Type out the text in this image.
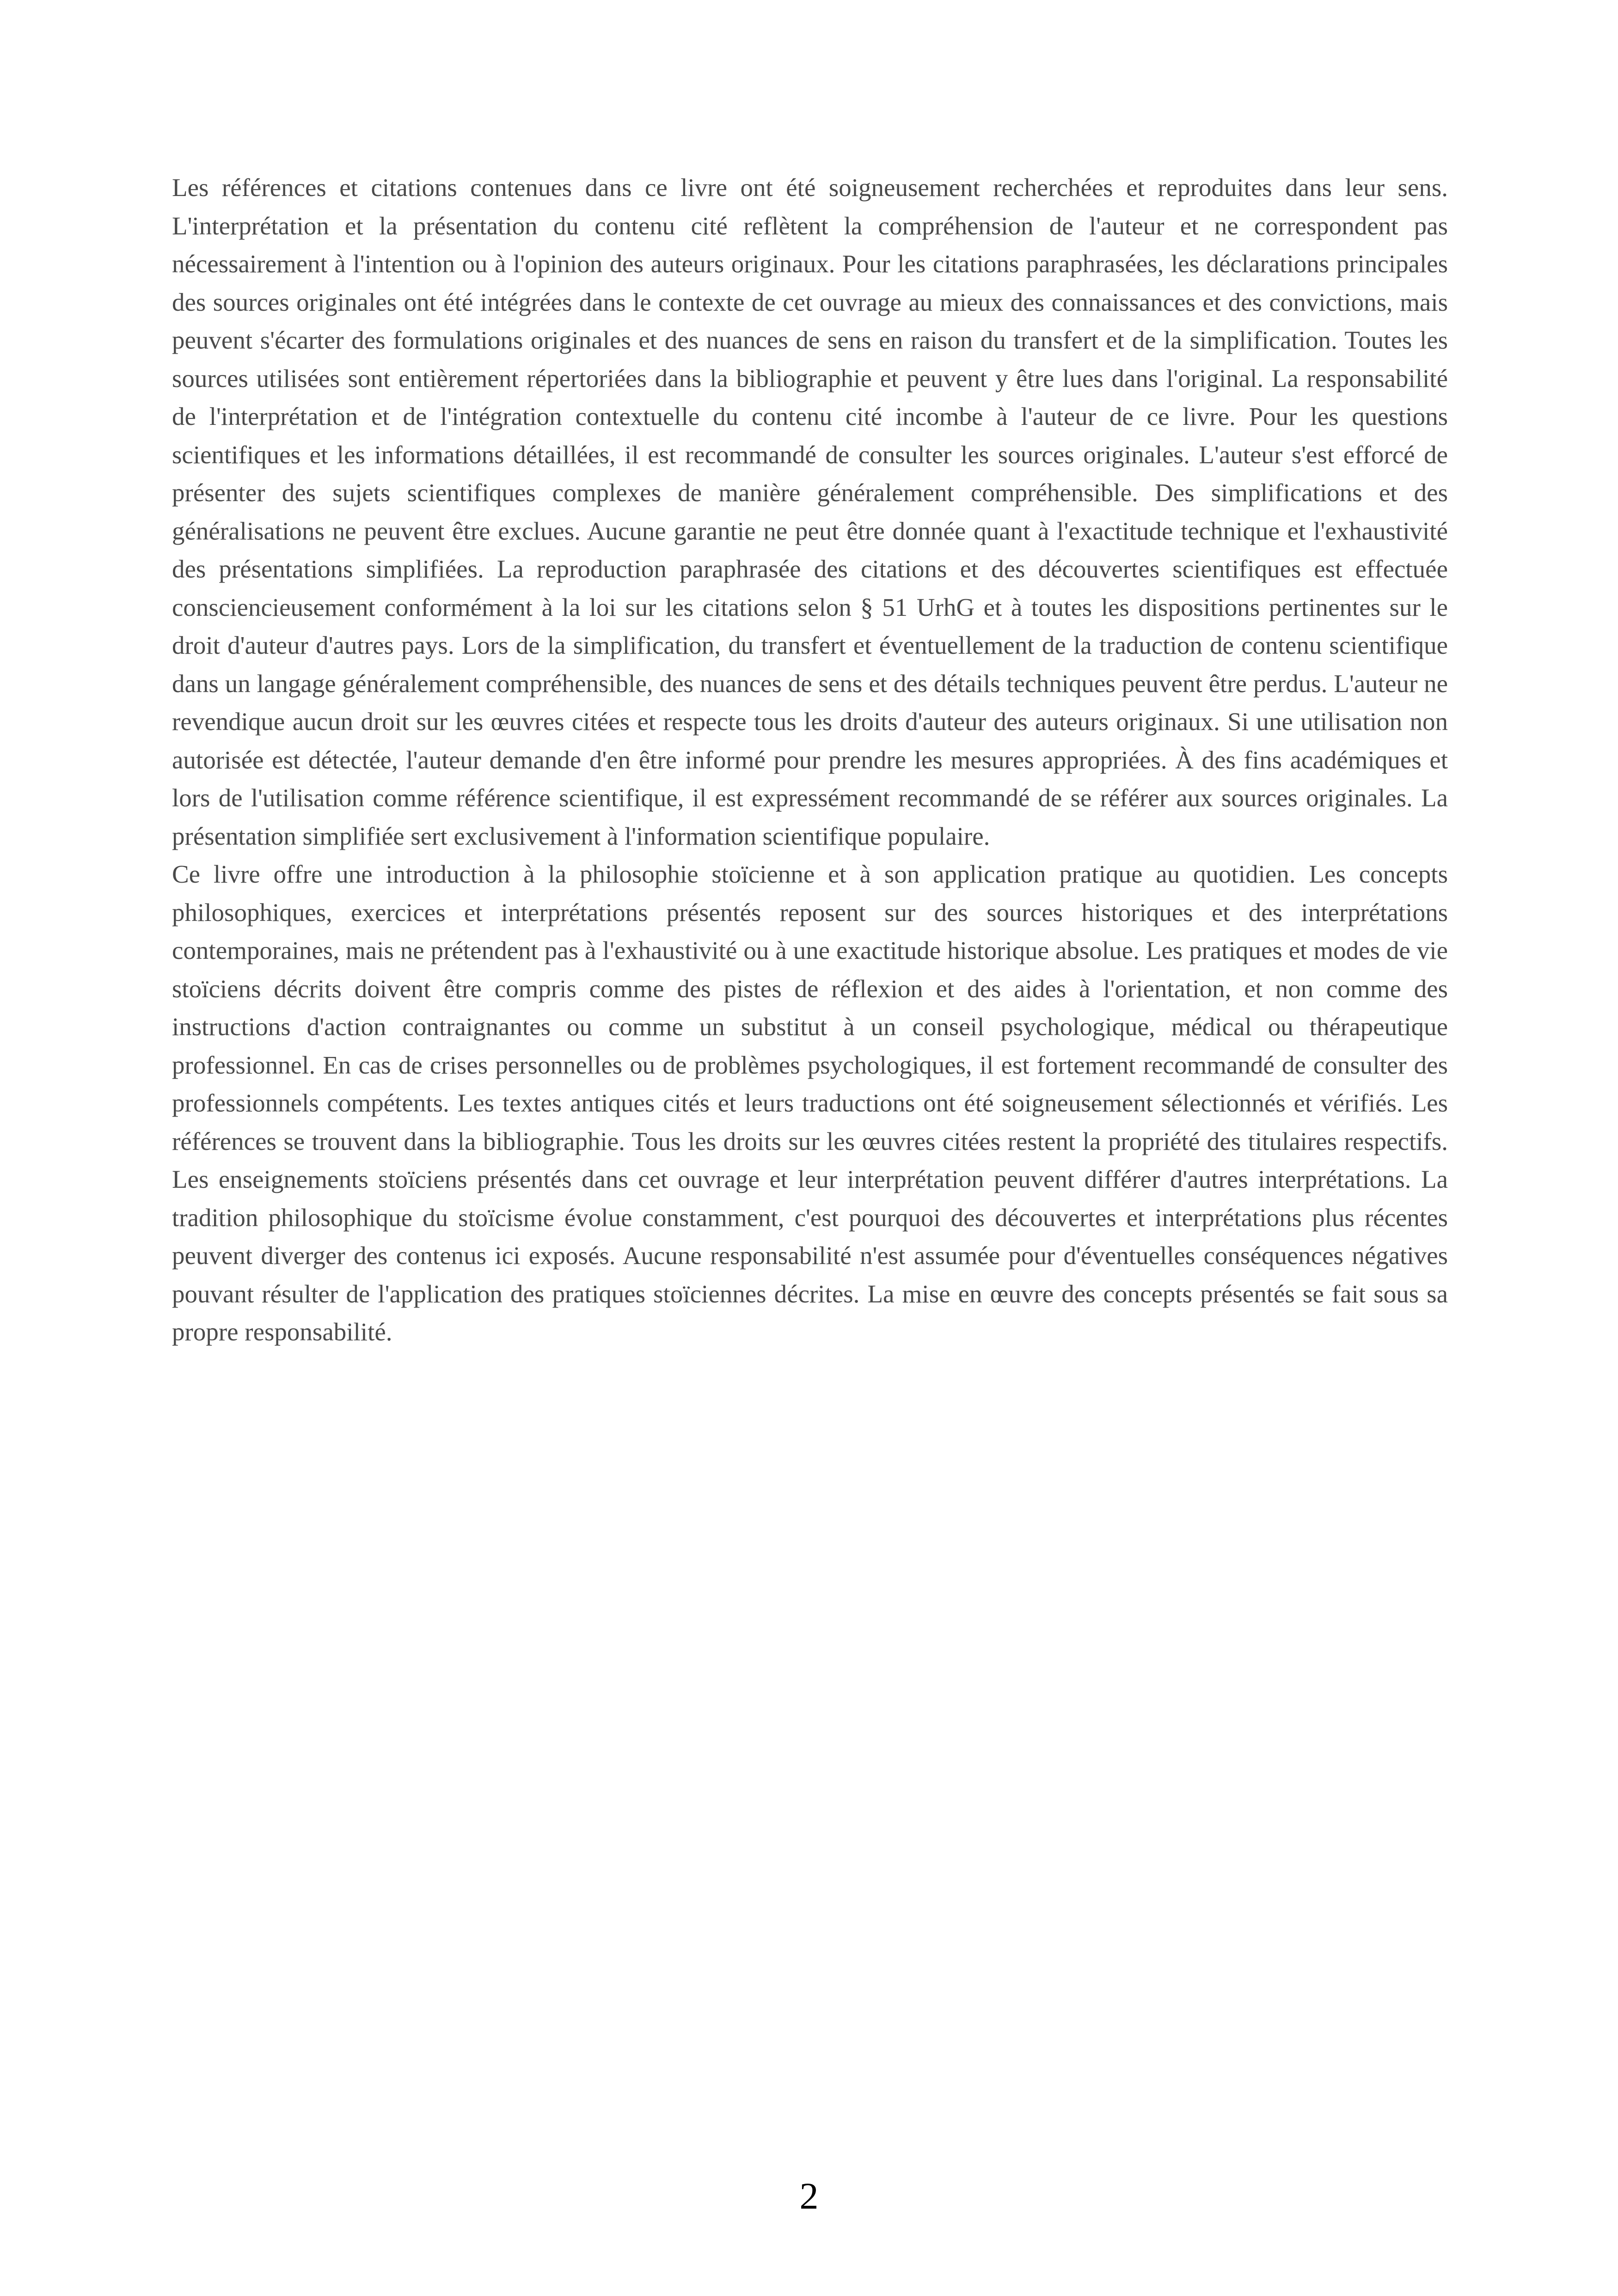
Les références et citations contenues dans ce livre ont été soigneusement recherchées et reproduites dans leur sens. L'interprétation et la présentation du contenu cité reflètent la compréhension de l'auteur et ne correspondent pas nécessairement à l'intention ou à l'opinion des auteurs originaux. Pour les citations paraphrasées, les déclarations principales des sources originales ont été intégrées dans le contexte de cet ouvrage au mieux des connaissances et des convictions, mais peuvent s'écarter des formulations originales et des nuances de sens en raison du transfert et de la simplification. Toutes les sources utilisées sont entièrement répertoriées dans la bibliographie et peuvent y être lues dans l'original. La responsabilité de l'interprétation et de l'intégration contextuelle du contenu cité incombe à l'auteur de ce livre. Pour les questions scientifiques et les informations détaillées, il est recommandé de consulter les sources originales. L'auteur s'est efforcé de présenter des sujets scientifiques complexes de manière généralement compréhensible. Des simplifications et des généralisations ne peuvent être exclues. Aucune garantie ne peut être donnée quant à l'exactitude technique et l'exhaustivité des présentations simplifiées. La reproduction paraphrasée des citations et des découvertes scientifiques est effectuée consciencieusement conformément à la loi sur les citations selon § 51 UrhG et à toutes les dispositions pertinentes sur le droit d'auteur d'autres pays. Lors de la simplification, du transfert et éventuellement de la traduction de contenu scientifique dans un langage généralement compréhensible, des nuances de sens et des détails techniques peuvent être perdus. L'auteur ne revendique aucun droit sur les œuvres citées et respecte tous les droits d'auteur des auteurs originaux. Si une utilisation non autorisée est détectée, l'auteur demande d'en être informé pour prendre les mesures appropriées. À des fins académiques et lors de l'utilisation comme référence scientifique, il est expressément recommandé de se référer aux sources originales. La présentation simplifiée sert exclusivement à l'information scientifique populaire.

Ce livre offre une introduction à la philosophie stoïcienne et à son application pratique au quotidien. Les concepts philosophiques, exercices et interprétations présentés reposent sur des sources historiques et des interprétations contemporaines, mais ne prétendent pas à l'exhaustivité ou à une exactitude historique absolue. Les pratiques et modes de vie stoïciens décrits doivent être compris comme des pistes de réflexion et des aides à l'orientation, et non comme des instructions d'action contraignantes ou comme un substitut à un conseil psychologique, médical ou thérapeutique professionnel. En cas de crises personnelles ou de problèmes psychologiques, il est fortement recommandé de consulter des professionnels compétents. Les textes antiques cités et leurs traductions ont été soigneusement sélectionnés et vérifiés. Les références se trouvent dans la bibliographie. Tous les droits sur les œuvres citées restent la propriété des titulaires respectifs. Les enseignements stoïciens présentés dans cet ouvrage et leur interprétation peuvent différer d'autres interprétations. La tradition philosophique du stoïcisme évolue constamment, c'est pourquoi des découvertes et interprétations plus récentes peuvent diverger des contenus ici exposés. Aucune responsabilité n'est assumée pour d'éventuelles conséquences négatives pouvant résulter de l'application des pratiques stoïciennes décrites. La mise en œuvre des concepts présentés se fait sous sa propre responsabilité.

2
